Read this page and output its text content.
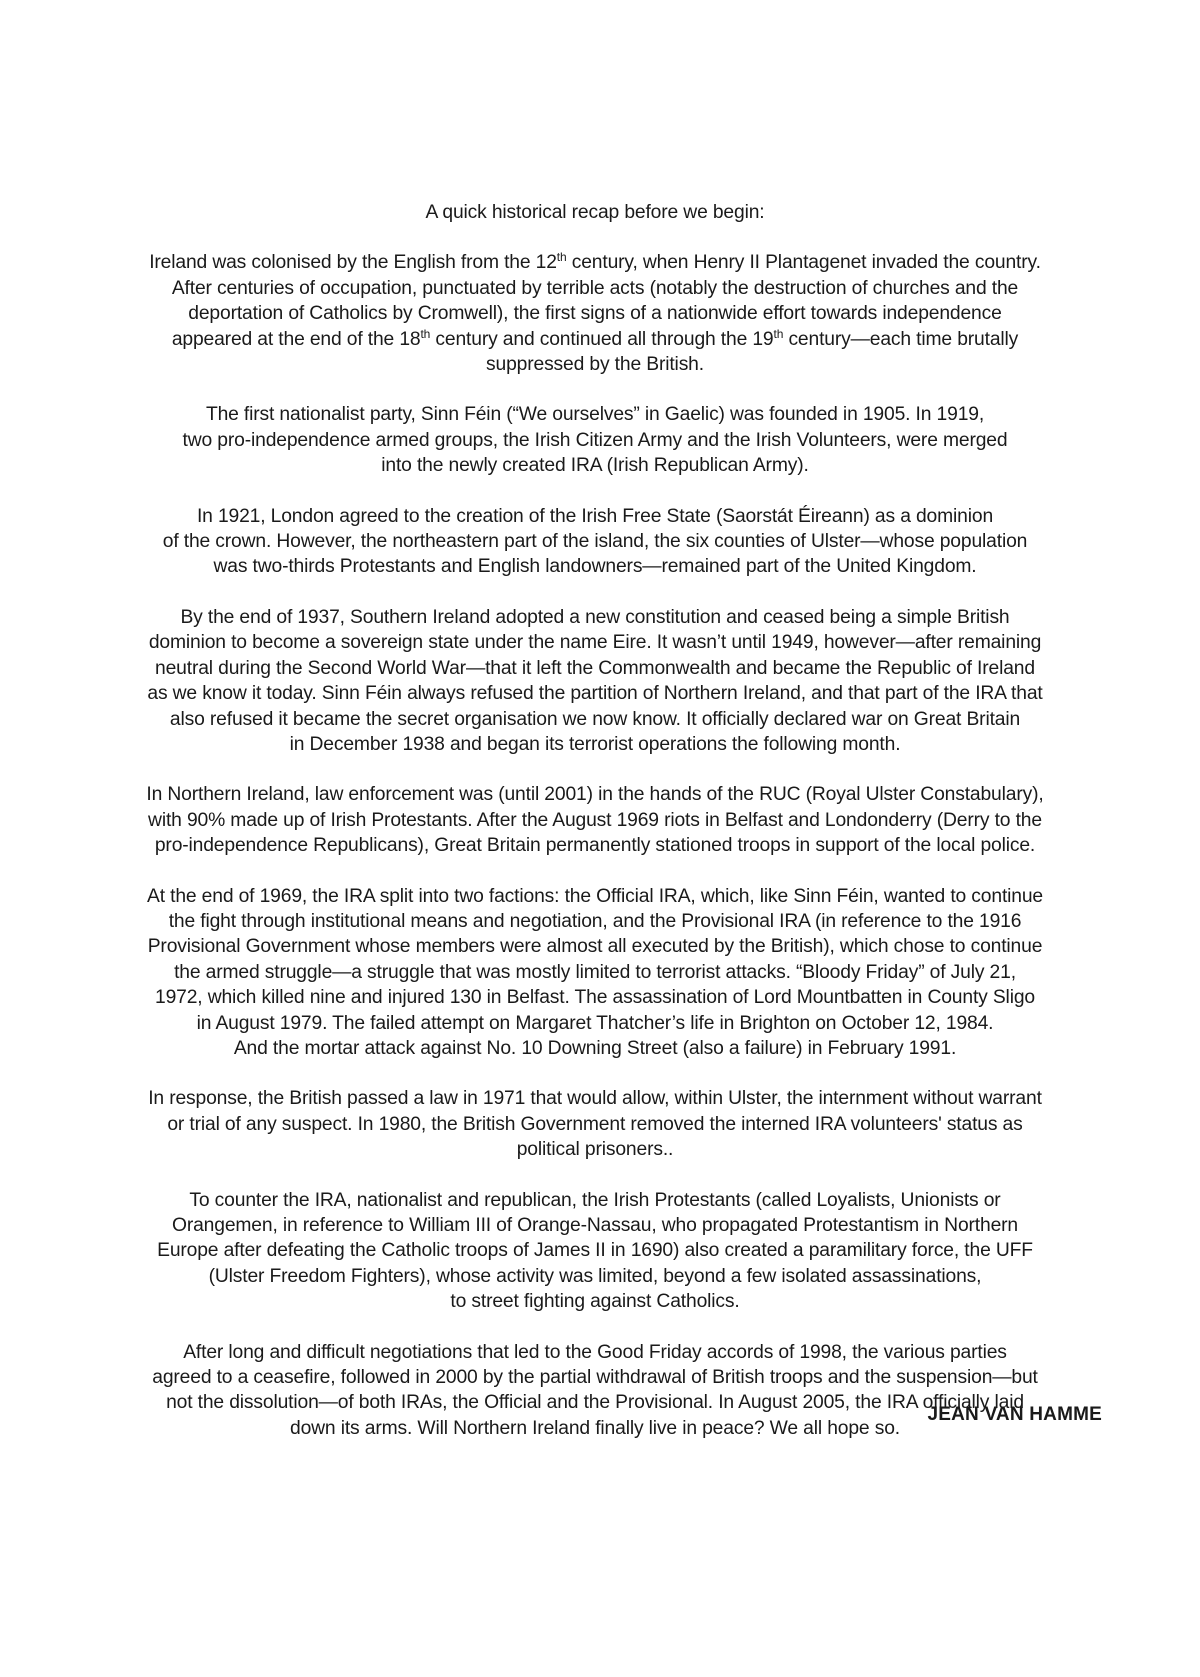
A quick historical recap before we begin:

Ireland was colonised by the English from the 12th century, when Henry II Plantagenet invaded the country.
After centuries of occupation, punctuated by terrible acts (notably the destruction of churches and the
deportation of Catholics by Cromwell), the first signs of a nationwide effort towards independence
appeared at the end of the 18th century and continued all through the 19th century—each time brutally
suppressed by the British.

The first nationalist party, Sinn Féin (“We ourselves” in Gaelic) was founded in 1905. In 1919,
two pro-independence armed groups, the Irish Citizen Army and the Irish Volunteers, were merged
into the newly created IRA (Irish Republican Army).

In 1921, London agreed to the creation of the Irish Free State (Saorstát Éireann) as a dominion
of the crown. However, the northeastern part of the island, the six counties of Ulster—whose population
was two-thirds Protestants and English landowners—remained part of the United Kingdom.

By the end of 1937, Southern Ireland adopted a new constitution and ceased being a simple British
dominion to become a sovereign state under the name Eire. It wasn’t until 1949, however—after remaining
neutral during the Second World War—that it left the Commonwealth and became the Republic of Ireland
as we know it today. Sinn Féin always refused the partition of Northern Ireland, and that part of the IRA that
also refused it became the secret organisation we now know. It officially declared war on Great Britain
in December 1938 and began its terrorist operations the following month.

In Northern Ireland, law enforcement was (until 2001) in the hands of the RUC (Royal Ulster Constabulary),
with 90% made up of Irish Protestants. After the August 1969 riots in Belfast and Londonderry (Derry to the
pro-independence Republicans), Great Britain permanently stationed troops in support of the local police.

At the end of 1969, the IRA split into two factions: the Official IRA, which, like Sinn Féin, wanted to continue
the fight through institutional means and negotiation, and the Provisional IRA (in reference to the 1916
Provisional Government whose members were almost all executed by the British), which chose to continue
the armed struggle—a struggle that was mostly limited to terrorist attacks. “Bloody Friday” of July 21,
1972, which killed nine and injured 130 in Belfast. The assassination of Lord Mountbatten in County Sligo
in August 1979. The failed attempt on Margaret Thatcher’s life in Brighton on October 12, 1984.
And the mortar attack against No. 10 Downing Street (also a failure) in February 1991.

In response, the British passed a law in 1971 that would allow, within Ulster, the internment without warrant
or trial of any suspect. In 1980, the British Government removed the interned IRA volunteers' status as
political prisoners..

To counter the IRA, nationalist and republican, the Irish Protestants (called Loyalists, Unionists or
Orangemen, in reference to William III of Orange-Nassau, who propagated Protestantism in Northern
Europe after defeating the Catholic troops of James II in 1690) also created a paramilitary force, the UFF
(Ulster Freedom Fighters), whose activity was limited, beyond a few isolated assassinations,
to street fighting against Catholics.

After long and difficult negotiations that led to the Good Friday accords of 1998, the various parties
agreed to a ceasefire, followed in 2000 by the partial withdrawal of British troops and the suspension—but
not the dissolution—of both IRAs, the Official and the Provisional. In August 2005, the IRA officially laid
down its arms. Will Northern Ireland finally live in peace? We all hope so.

JEAN VAN HAMME
